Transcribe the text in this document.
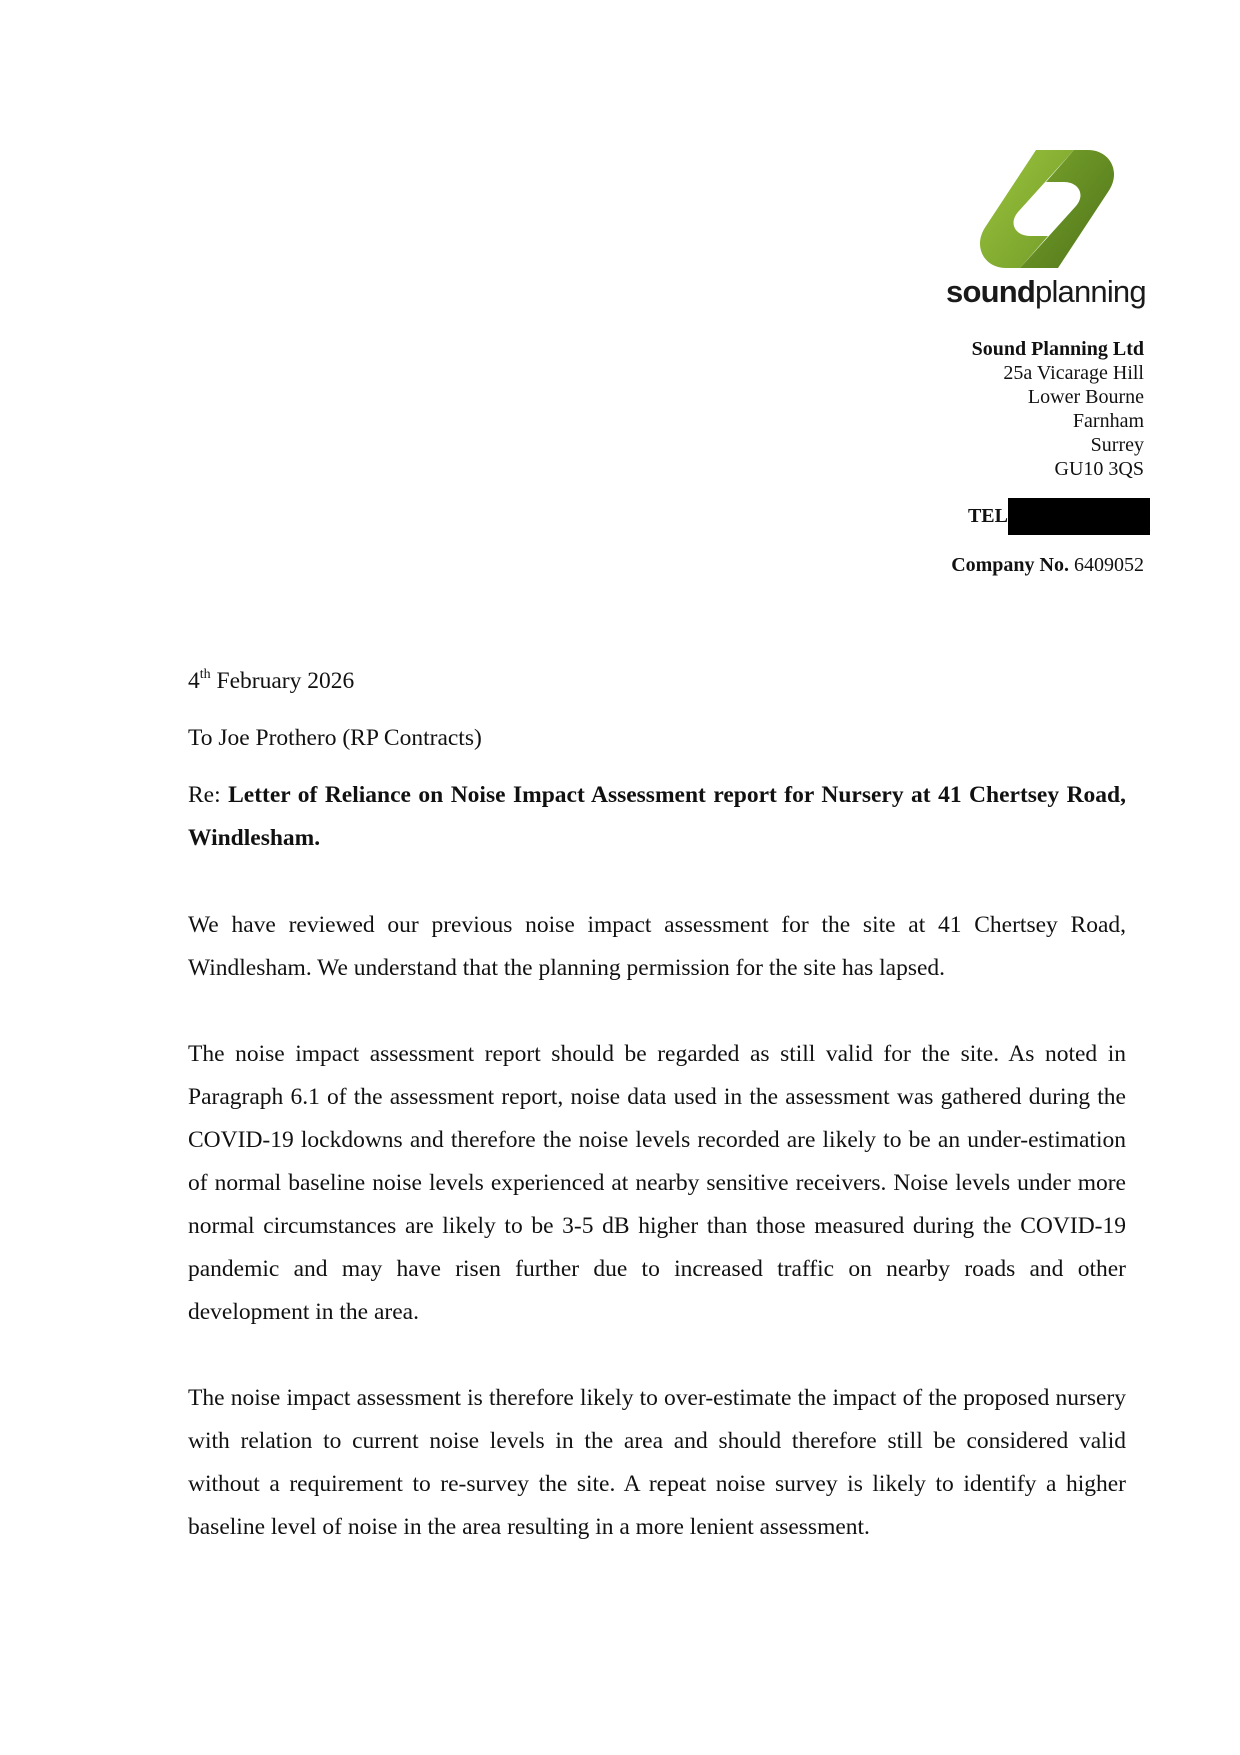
soundplanning
Sound Planning Ltd
25a Vicarage Hill
Lower Bourne
Farnham
Surrey
GU10 3QS
TEL
Company No. 6409052

4th February 2026

To Joe Prothero (RP Contracts)

Re: Letter of Reliance on Noise Impact Assessment report for Nursery at 41 Chertsey Road, Windlesham.

We have reviewed our previous noise impact assessment for the site at 41 Chertsey Road, Windlesham. We understand that the planning permission for the site has lapsed.

The noise impact assessment report should be regarded as still valid for the site. As noted in Paragraph 6.1 of the assessment report, noise data used in the assessment was gathered during the COVID-19 lockdowns and therefore the noise levels recorded are likely to be an under-estimation of normal baseline noise levels experienced at nearby sensitive receivers. Noise levels under more normal circumstances are likely to be 3-5 dB higher than those measured during the COVID-19 pandemic and may have risen further due to increased traffic on nearby roads and other development in the area.

The noise impact assessment is therefore likely to over-estimate the impact of the proposed nursery with relation to current noise levels in the area and should therefore still be considered valid without a requirement to re-survey the site. A repeat noise survey is likely to identify a higher baseline level of noise in the area resulting in a more lenient assessment.
